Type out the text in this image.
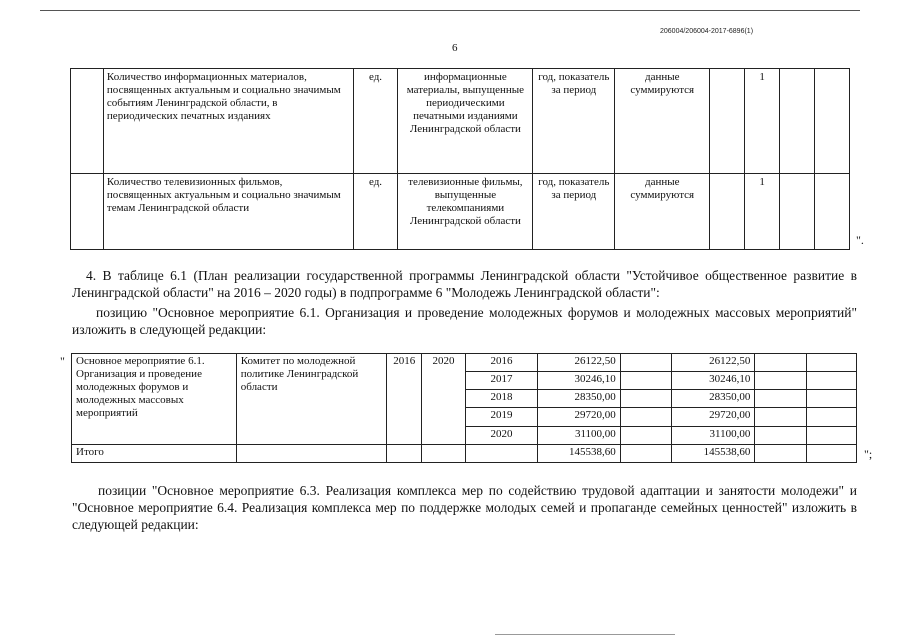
206004/206004-2017-6896(1)
6
	Количество информационных материалов, посвященных актуальным и социально значимым событиям Ленинградской области, в периодических печатных изданиях	ед.	информационные материалы, выпущенные периодическими печатными изданиями Ленинградской области	год, показатель за период	данные суммируются		1		
	Количество телевизионных фильмов, посвященных актуальным и социально значимым темам Ленинградской области	ед.	телевизионные фильмы, выпущенные телекомпаниями Ленинградской области	год, показатель за период	данные суммируются		1		
".
4. В таблице 6.1 (План реализации государственной программы Ленинградской области "Устойчивое общественное развитие в Ленинградской области" на 2016 – 2020 годы) в подпрограмме 6 "Молодежь Ленинградской области":
позицию "Основное мероприятие 6.1. Организация и проведение молодежных форумов и молодежных массовых мероприятий" изложить в следующей редакции:
" Основное мероприятие 6.1. Организация и проведение молодежных форумов и молодежных массовых мероприятий	Комитет по молодежной политике Ленинградской области	2016	2020	2016	26122,50		26122,50		
				2017	30246,10		30246,10		
				2018	28350,00		28350,00		
				2019	29720,00		29720,00		
				2020	31100,00		31100,00		
Итого					145538,60		145538,60			";
позиции "Основное мероприятие 6.3. Реализация комплекса мер по содействию трудовой адаптации и занятости молодежи" и "Основное мероприятие 6.4. Реализация комплекса мер по поддержке молодых семей и пропаганде семейных ценностей" изложить в следующей редакции:
